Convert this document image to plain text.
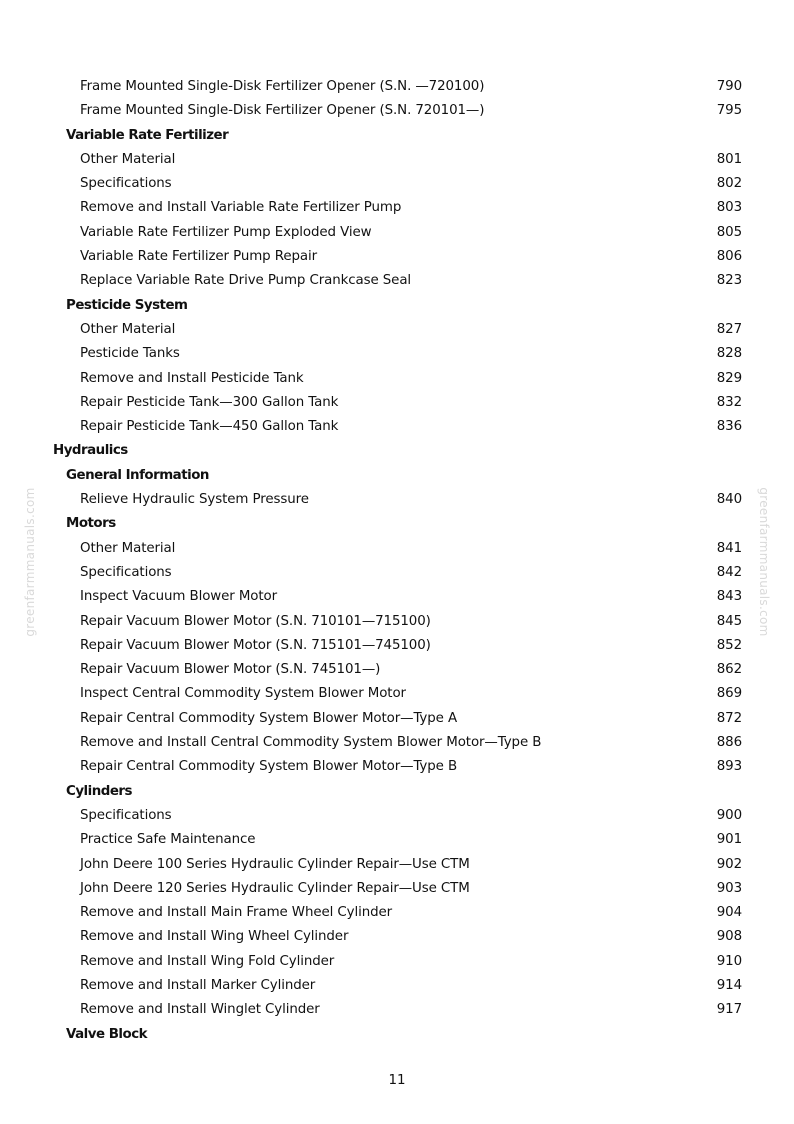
Frame Mounted Single-Disk Fertilizer Opener (S.N. —720100)	790
Frame Mounted Single-Disk Fertilizer Opener (S.N. 720101—)	795
Variable Rate Fertilizer
Other Material	801
Specifications	802
Remove and Install Variable Rate Fertilizer Pump	803
Variable Rate Fertilizer Pump Exploded View	805
Variable Rate Fertilizer Pump Repair	806
Replace Variable Rate Drive Pump Crankcase Seal	823
Pesticide System
Other Material	827
Pesticide Tanks	828
Remove and Install Pesticide Tank	829
Repair Pesticide Tank—300 Gallon Tank	832
Repair Pesticide Tank—450 Gallon Tank	836
Hydraulics
General Information
Relieve Hydraulic System Pressure	840
Motors
Other Material	841
Specifications	842
Inspect Vacuum Blower Motor	843
Repair Vacuum Blower Motor (S.N. 710101—715100)	845
Repair Vacuum Blower Motor (S.N. 715101—745100)	852
Repair Vacuum Blower Motor (S.N. 745101—)	862
Inspect Central Commodity System Blower Motor	869
Repair Central Commodity System Blower Motor—Type A	872
Remove and Install Central Commodity System Blower Motor—Type B	886
Repair Central Commodity System Blower Motor—Type B	893
Cylinders
Specifications	900
Practice Safe Maintenance	901
John Deere 100 Series Hydraulic Cylinder Repair—Use CTM	902
John Deere 120 Series Hydraulic Cylinder Repair—Use CTM	903
Remove and Install Main Frame Wheel Cylinder	904
Remove and Install Wing Wheel Cylinder	908
Remove and Install Wing Fold Cylinder	910
Remove and Install Marker Cylinder	914
Remove and Install Winglet Cylinder	917
Valve Block
greenfarmmanuals.com	greenfarmmanuals.com
11
